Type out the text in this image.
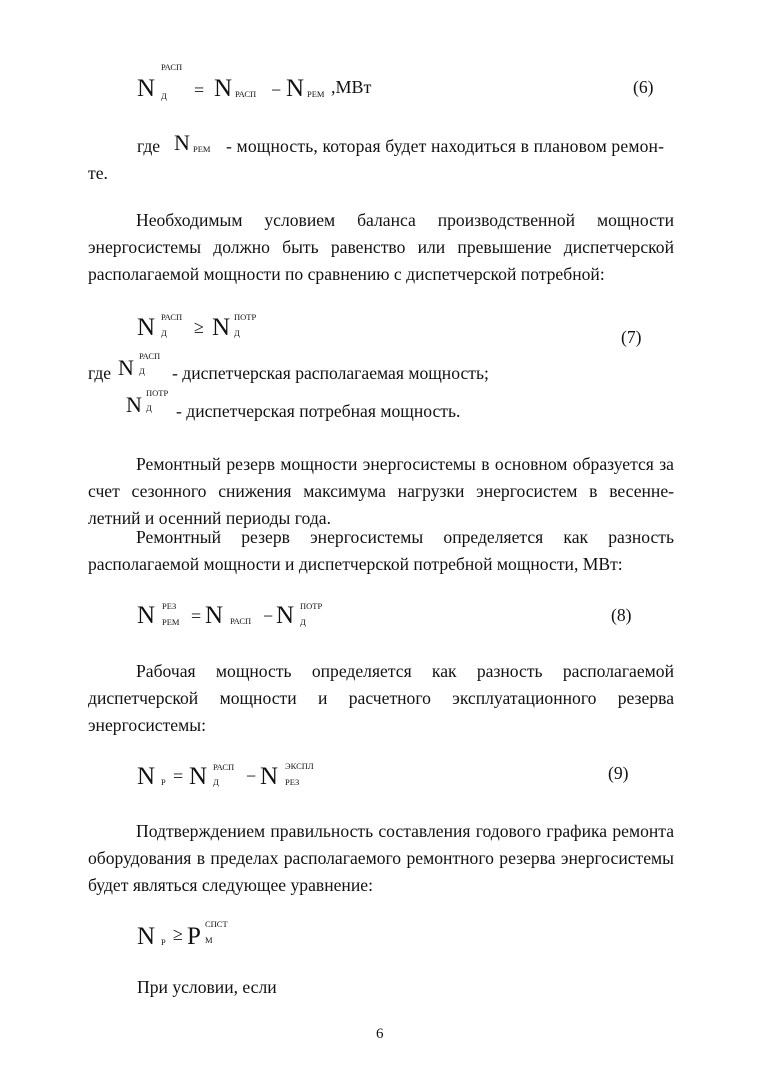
N
РАСП
Д = N РАСП − N РЕМ ,МВт	(6)
где N РЕМ - мощность, которая будет находиться в плановом ремон-
те.
Необходимым условием баланса производственной мощности энергосистемы должно быть равенство или превышение диспетчерской располагаемой мощности по сравнению с диспетчерской потребной:
N РАСП
Д ≥ N ПОТР
Д	(7)
где N РАСП
Д - диспетчерская располагаемая мощность;
N ПОТР
Д - диспетчерская потребная мощность.
Ремонтный резерв мощности энергосистемы в основном образуется за счет сезонного снижения максимума нагрузки энергосистем в весенне-летний и осенний периоды года.
Ремонтный резерв энергосистемы определяется как разность располагаемой мощности и диспетчерской потребной мощности, МВт:
N РЕЗ
РЕМ = N РАСП − N ПОТР
Д	(8)
Рабочая мощность определяется как разность располагаемой диспетчерской мощности и расчетного эксплуатационного резерва энергосистемы:
N Р = N РАСП
Д − N ЭКСПЛ
РЕЗ	(9)
Подтверждением правильность составления годового графика ремонта оборудования в пределах располагаемого ремонтного резерва энергосистемы будет являться следующее уравнение:
N Р ≥ P СПСТ
М
При условии, если
6
